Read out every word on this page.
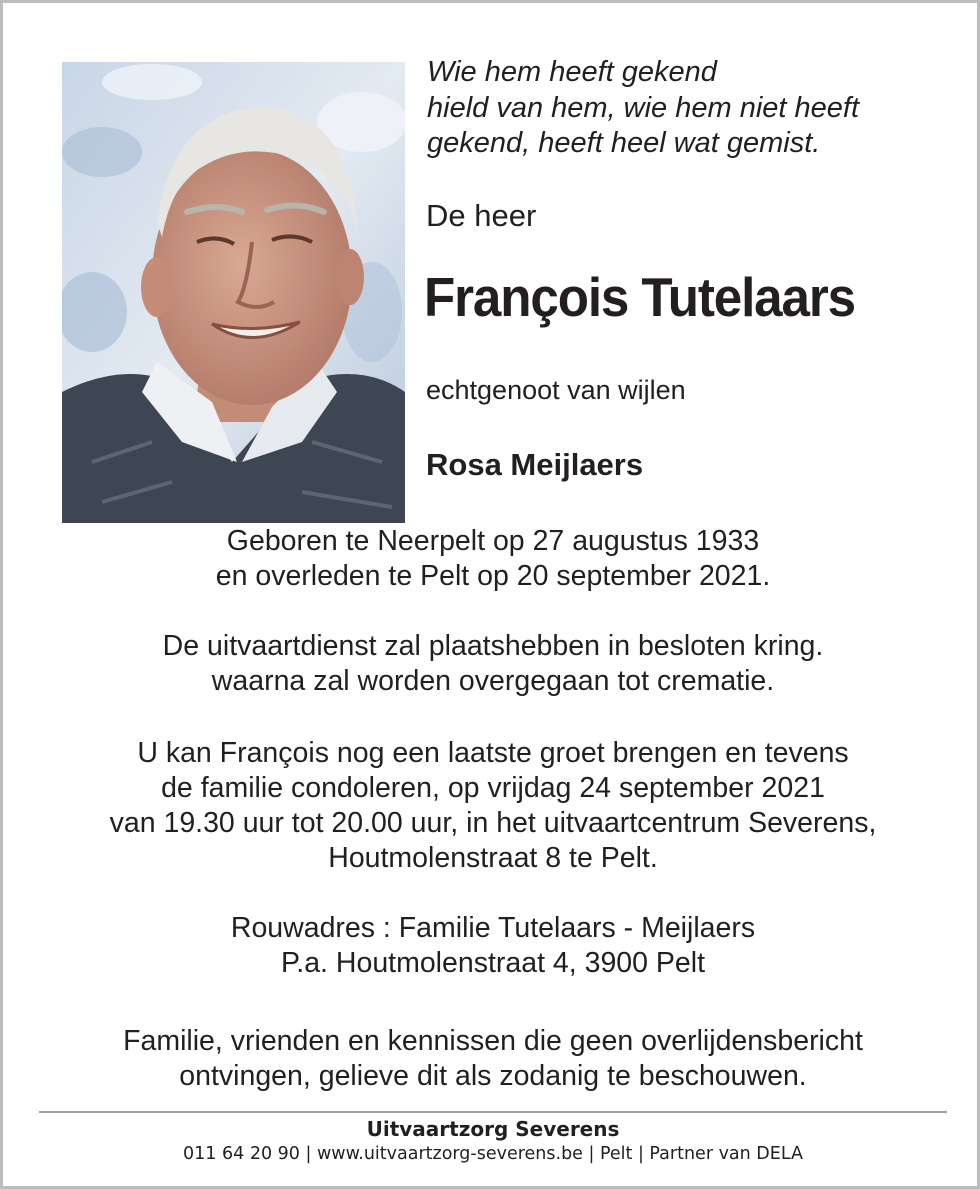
Wie hem heeft gekend
hield van hem, wie hem niet heeft
gekend, heeft heel wat gemist.
De heer
François Tutelaars
echtgenoot van wijlen
Rosa Meijlaers
Geboren te Neerpelt op 27 augustus 1933
en overleden te Pelt op 20 september 2021.
De uitvaartdienst zal plaatshebben in besloten kring.
waarna zal worden overgegaan tot crematie.
U kan François nog een laatste groet brengen en tevens
de familie condoleren, op vrijdag 24 september 2021
van 19.30 uur tot 20.00 uur, in het uitvaartcentrum Severens,
Houtmolenstraat 8 te Pelt.
Rouwadres : Familie Tutelaars - Meijlaers
P.a. Houtmolenstraat 4, 3900 Pelt
Familie, vrienden en kennissen die geen overlijdensbericht
ontvingen, gelieve dit als zodanig te beschouwen.
Uitvaartzorg Severens
011 64 20 90 | www.uitvaartzorg-severens.be | Pelt | Partner van DELA
